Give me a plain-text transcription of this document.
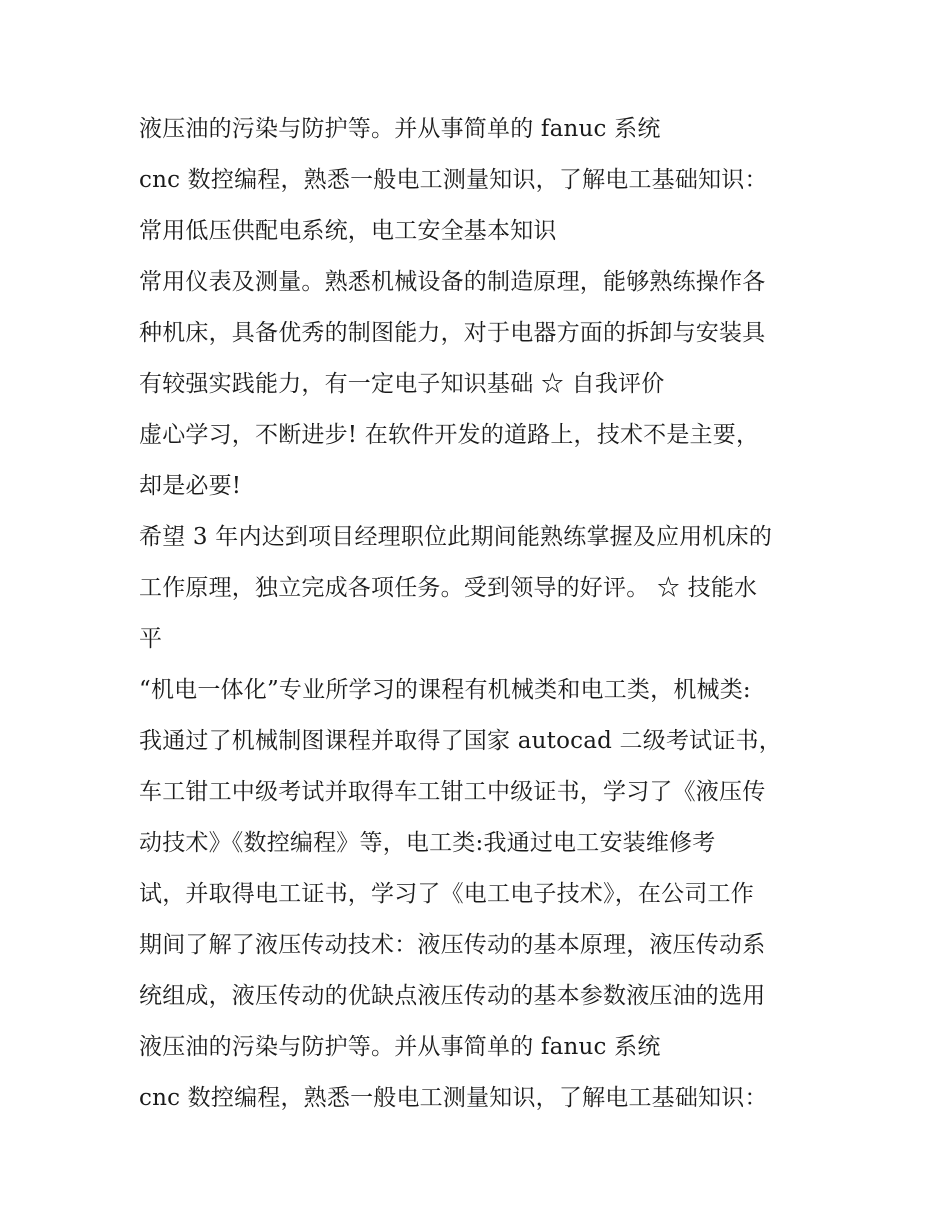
液压油的污染与防护等。并从事简单的 fanuc 系统
cnc 数控编程，熟悉一般电工测量知识，了解电工基础知识：
常用低压供配电系统，电工安全基本知识
常用仪表及测量。熟悉机械设备的制造原理，能够熟练操作各
种机床，具备优秀的制图能力，对于电器方面的拆卸与安装具
有较强实践能力，有一定电子知识基础 ☆ 自我评价
虚心学习，不断进步! 在软件开发的道路上，技术不是主要，
却是必要!
希望 3 年内达到项目经理职位此期间能熟练掌握及应用机床的
工作原理，独立完成各项任务。受到领导的好评。 ☆ 技能水
平
“机电一体化”专业所学习的课程有机械类和电工类，机械类:
我通过了机械制图课程并取得了国家 autocad 二级考试证书，
车工钳工中级考试并取得车工钳工中级证书，学习了《液压传
动技术》《数控编程》等，电工类:我通过电工安装维修考
试，并取得电工证书，学习了《电工电子技术》，在公司工作
期间了解了液压传动技术：液压传动的基本原理，液压传动系
统组成，液压传动的优缺点液压传动的基本参数液压油的选用
液压油的污染与防护等。并从事简单的 fanuc 系统
cnc 数控编程，熟悉一般电工测量知识，了解电工基础知识：
